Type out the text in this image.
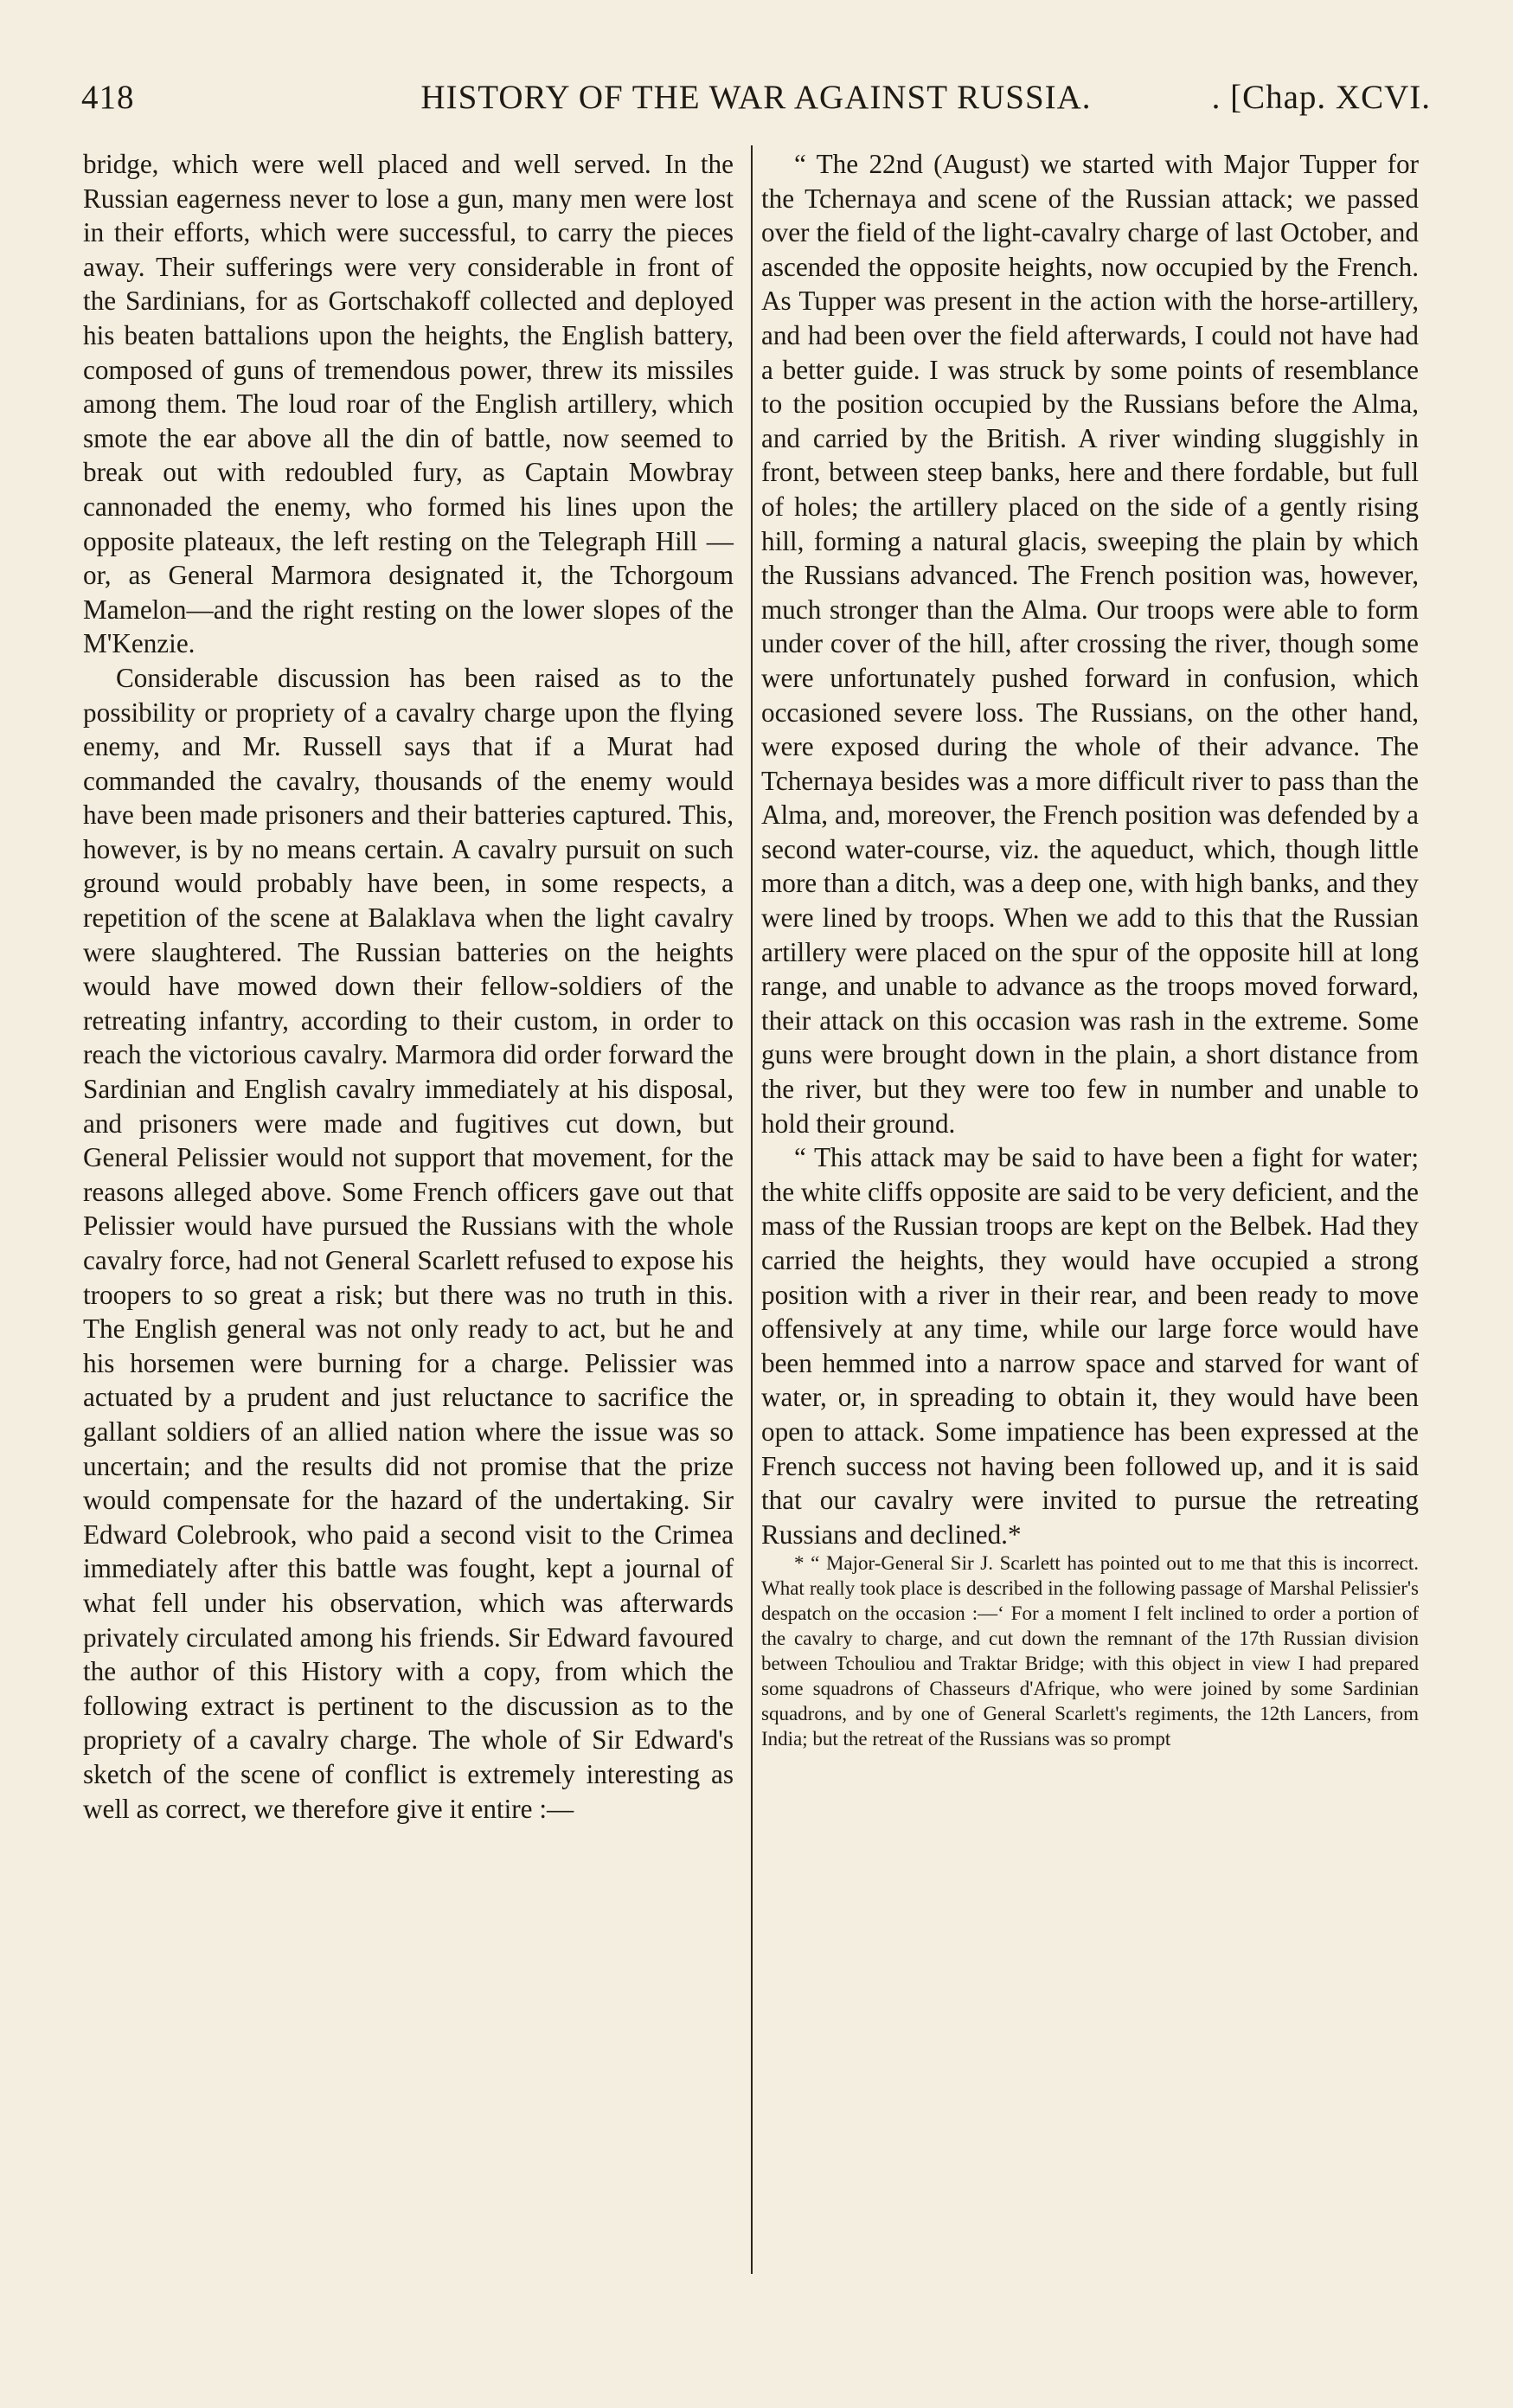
418	HISTORY OF THE WAR AGAINST RUSSIA.	. [Chap. XCVI.

bridge, which were well placed and well served. In the Russian eagerness never to lose a gun, many men were lost in their efforts, which were successful, to carry the pieces away. Their sufferings were very considerable in front of the Sardinians, for as Gortschakoff collected and deployed his beaten battalions upon the heights, the English battery, composed of guns of tremendous power, threw its missiles among them. The loud roar of the English artillery, which smote the ear above all the din of battle, now seemed to break out with redoubled fury, as Captain Mowbray cannonaded the enemy, who formed his lines upon the opposite plateaux, the left resting on the Telegraph Hill —or, as General Marmora designated it, the Tchorgoum Mamelon—and the right resting on the lower slopes of the M'Kenzie.

Considerable discussion has been raised as to the possibility or propriety of a cavalry charge upon the flying enemy, and Mr. Russell says that if a Murat had commanded the cavalry, thousands of the enemy would have been made prisoners and their batteries captured. This, however, is by no means certain. A cavalry pursuit on such ground would probably have been, in some respects, a repetition of the scene at Balaklava when the light cavalry were slaughtered. The Russian batteries on the heights would have mowed down their fellow-soldiers of the retreating infantry, according to their custom, in order to reach the victorious cavalry. Marmora did order forward the Sardinian and English cavalry immediately at his disposal, and prisoners were made and fugitives cut down, but General Pelissier would not support that movement, for the reasons alleged above. Some French officers gave out that Pelissier would have pursued the Russians with the whole cavalry force, had not General Scarlett refused to expose his troopers to so great a risk; but there was no truth in this. The English general was not only ready to act, but he and his horsemen were burning for a charge. Pelissier was actuated by a prudent and just reluctance to sacrifice the gallant soldiers of an allied nation where the issue was so uncertain; and the results did not promise that the prize would compensate for the hazard of the undertaking. Sir Edward Colebrook, who paid a second visit to the Crimea immediately after this battle was fought, kept a journal of what fell under his observation, which was afterwards privately circulated among his friends. Sir Edward favoured the author of this History with a copy, from which the following extract is pertinent to the discussion as to the propriety of a cavalry charge. The whole of Sir Edward's sketch of the scene of conflict is extremely interesting as well as correct, we therefore give it entire :—

“ The 22nd (August) we started with Major Tupper for the Tchernaya and scene of the Russian attack; we passed over the field of the light-cavalry charge of last October, and ascended the opposite heights, now occupied by the French. As Tupper was present in the action with the horse-artillery, and had been over the field afterwards, I could not have had a better guide. I was struck by some points of resemblance to the position occupied by the Russians before the Alma, and carried by the British. A river winding sluggishly in front, between steep banks, here and there fordable, but full of holes; the artillery placed on the side of a gently rising hill, forming a natural glacis, sweeping the plain by which the Russians advanced. The French position was, however, much stronger than the Alma. Our troops were able to form under cover of the hill, after crossing the river, though some were unfortunately pushed forward in confusion, which occasioned severe loss. The Russians, on the other hand, were exposed during the whole of their advance. The Tchernaya besides was a more difficult river to pass than the Alma, and, moreover, the French position was defended by a second water-course, viz. the aqueduct, which, though little more than a ditch, was a deep one, with high banks, and they were lined by troops. When we add to this that the Russian artillery were placed on the spur of the opposite hill at long range, and unable to advance as the troops moved forward, their attack on this occasion was rash in the extreme. Some guns were brought down in the plain, a short distance from the river, but they were too few in number and unable to hold their ground.

“ This attack may be said to have been a fight for water; the white cliffs opposite are said to be very deficient, and the mass of the Russian troops are kept on the Belbek. Had they carried the heights, they would have occupied a strong position with a river in their rear, and been ready to move offensively at any time, while our large force would have been hemmed into a narrow space and starved for want of water, or, in spreading to obtain it, they would have been open to attack. Some impatience has been expressed at the French success not having been followed up, and it is said that our cavalry were invited to pursue the retreating Russians and declined.*

* “ Major-General Sir J. Scarlett has pointed out to me that this is incorrect. What really took place is described in the following passage of Marshal Pelissier's despatch on the occasion :—‘ For a moment I felt inclined to order a portion of the cavalry to charge, and cut down the remnant of the 17th Russian division between Tchouliou and Traktar Bridge; with this object in view I had prepared some squadrons of Chasseurs d'Afrique, who were joined by some Sardinian squadrons, and by one of General Scarlett's regiments, the 12th Lancers, from India; but the retreat of the Russians was so prompt
